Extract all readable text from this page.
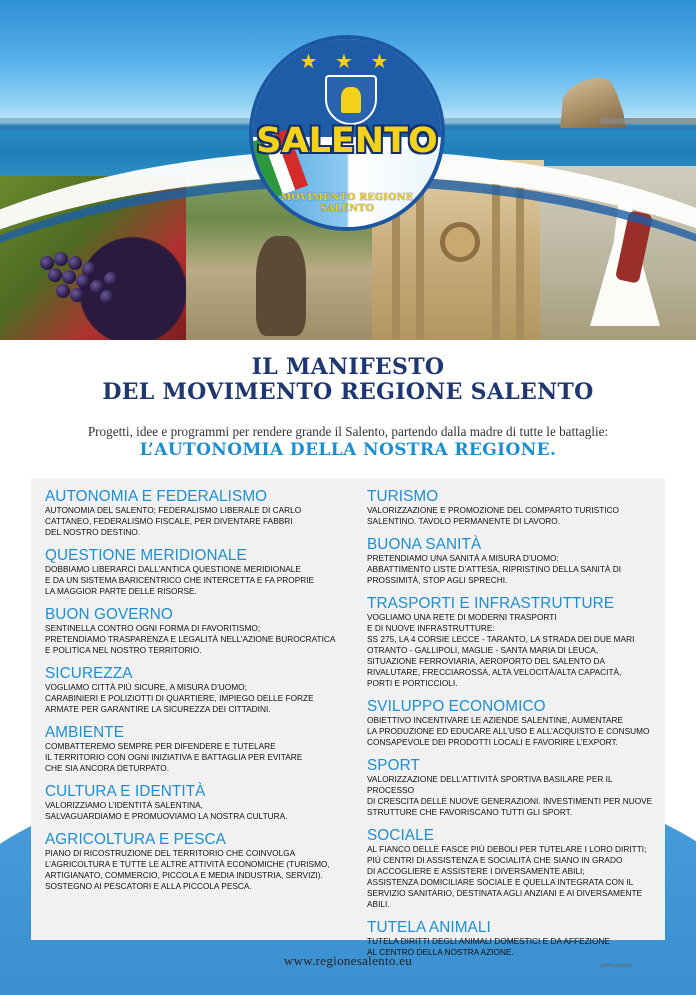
★ ★ ★
SALENTO
MOVIMENTO REGIONE SALENTO
IL MANIFESTO
DEL MOVIMENTO REGIONE SALENTO
Progetti, idee e programmi per rendere grande il Salento, partendo dalla madre di tutte le battaglie:
L’AUTONOMIA DELLA NOSTRA REGIONE.
AUTONOMIA E FEDERALISMO

AUTONOMIA DEL SALENTO; FEDERALISMO LIBERALE DI CARLO
CATTANEO, FEDERALISMO FISCALE, PER DIVENTARE FABBRI
DEL NOSTRO DESTINO.

QUESTIONE MERIDIONALE

DOBBIAMO LIBERARCI DALL’ANTICA QUESTIONE MERIDIONALE
E DA UN SISTEMA BARICENTRICO CHE INTERCETTA E FA PROPRIE
LA MAGGIOR PARTE DELLE RISORSE.

BUON GOVERNO

SENTINELLA CONTRO OGNI FORMA DI FAVORITISMO;
PRETENDIAMO TRASPARENZA E LEGALITÀ NELL’AZIONE BUROCRATICA
E POLITICA NEL NOSTRO TERRITORIO.

SICUREZZA

VOGLIAMO CITTÀ PIÙ SICURE, A MISURA D’UOMO;
CARABINIERI E POLIZIOTTI DI QUARTIERE, IMPIEGO DELLE FORZE
ARMATE PER GARANTIRE LA SICUREZZA DEI CITTADINI.

AMBIENTE

COMBATTEREMO SEMPRE PER DIFENDERE E TUTELARE
IL TERRITORIO CON OGNI INIZIATIVA E BATTAGLIA PER EVITARE
CHE SIA ANCORA DETURPATO.

CULTURA E IDENTITÀ

VALORIZZIAMO L’IDENTITÀ SALENTINA,
SALVAGUARDIAMO E PROMUOVIAMO LA NOSTRA CULTURA.

AGRICOLTURA E PESCA

PIANO DI RICOSTRUZIONE DEL TERRITORIO CHE COINVOLGA
L’AGRICOLTURA E TUTTE LE ALTRE ATTIVITÀ ECONOMICHE (TURISMO,
ARTIGIANATO, COMMERCIO, PICCOLA E MEDIA INDUSTRIA, SERVIZI).
SOSTEGNO AI PESCATORI E ALLA PICCOLA PESCA.

TURISMO

VALORIZZAZIONE E PROMOZIONE DEL COMPARTO TURISTICO
SALENTINO. TAVOLO PERMANENTE DI LAVORO.

BUONA SANITÀ

PRETENDIAMO UNA SANITÀ A MISURA D’UOMO:
ABBATTIMENTO LISTE D’ATTESA, RIPRISTINO DELLA SANITÀ DI
PROSSIMITÀ, STOP AGLI SPRECHI.

TRASPORTI E INFRASTRUTTURE

VOGLIAMO UNA RETE DI MODERNI TRASPORTI
E DI NUOVE INFRASTRUTTURE:
SS 275, LA 4 CORSIE LECCE - TARANTO, LA STRADA DEI DUE MARI
OTRANTO - GALLIPOLI, MAGLIE - SANTA MARIA DI LEUCA,
SITUAZIONE FERROVIARIA, AEROPORTO DEL SALENTO DA
RIVALUTARE, FRECCIAROSSA, ALTA VELOCITÀ/ALTA CAPACITÀ,
PORTI E PORTICCIOLI.

SVILUPPO ECONOMICO

OBIETTIVO INCENTIVARE LE AZIENDE SALENTINE, AUMENTARE
LA PRODUZIONE ED EDUCARE ALL’USO E ALL’ACQUISTO E CONSUMO
CONSAPEVOLE DEI PRODOTTI LOCALI E FAVORIRE L’EXPORT.

SPORT

VALORIZZAZIONE DELL’ATTIVITÀ SPORTIVA BASILARE PER IL PROCESSO
DI CRESCITA DELLE NUOVE GENERAZIONI. INVESTIMENTI PER NUOVE
STRUTTURE CHE FAVORISCANO TUTTI GLI SPORT.

SOCIALE

AL FIANCO DELLE FASCE PIÙ DEBOLI PER TUTELARE I LORO DIRITTI;
PIÙ CENTRI DI ASSISTENZA E SOCIALITÀ CHE SIANO IN GRADO
DI ACCOGLIERE E ASSISTERE I DIVERSAMENTE ABILI;
ASSISTENZA DOMICILIARE SOCIALE E QUELLA INTEGRATA CON IL
SERVIZIO SANITARIO, DESTINATA AGLI ANZIANI E AI DIVERSAMENTE ABILI.

TUTELA ANIMALI

TUTELA DIRITTI DEGLI ANIMALI DOMESTICI E DA AFFEZIONE
AL CENTRO DELLA NOSTRA AZIONE.

www.regionesalento.eu	grafica salento
